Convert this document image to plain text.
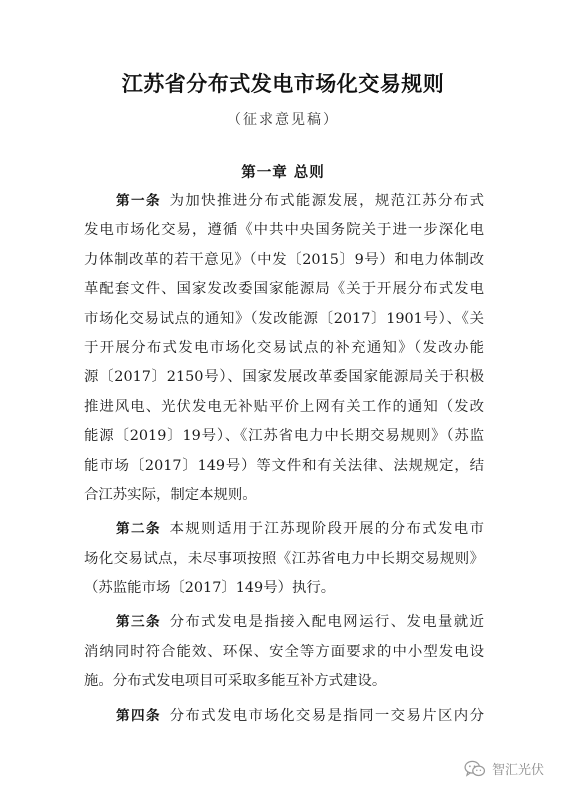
江苏省分布式发电市场化交易规则
（征求意见稿）
第一章 总则
第一条  为加快推进分布式能源发展，规范江苏分布式
发电市场化交易，遵循《中共中央国务院关于进一步深化电
力体制改革的若干意见》（中发〔2015〕9号）和电力体制改
革配套文件、国家发改委国家能源局《关于开展分布式发电
市场化交易试点的通知》（发改能源〔2017〕1901号）、《关
于开展分布式发电市场化交易试点的补充通知》（发改办能
源〔2017〕2150号）、国家发展改革委国家能源局关于积极
推进风电、光伏发电无补贴平价上网有关工作的通知（发改
能源〔2019〕19号）、《江苏省电力中长期交易规则》（苏监
能市场〔2017〕149号）等文件和有关法律、法规规定，结
合江苏实际，制定本规则。
第二条  本规则适用于江苏现阶段开展的分布式发电市
场化交易试点，未尽事项按照《江苏省电力中长期交易规则》
（苏监能市场〔2017〕149号）执行。
第三条  分布式发电是指接入配电网运行、发电量就近
消纳同时符合能效、环保、安全等方面要求的中小型发电设
施。分布式发电项目可采取多能互补方式建设。
第四条  分布式发电市场化交易是指同一交易片区内分
智汇光伏
